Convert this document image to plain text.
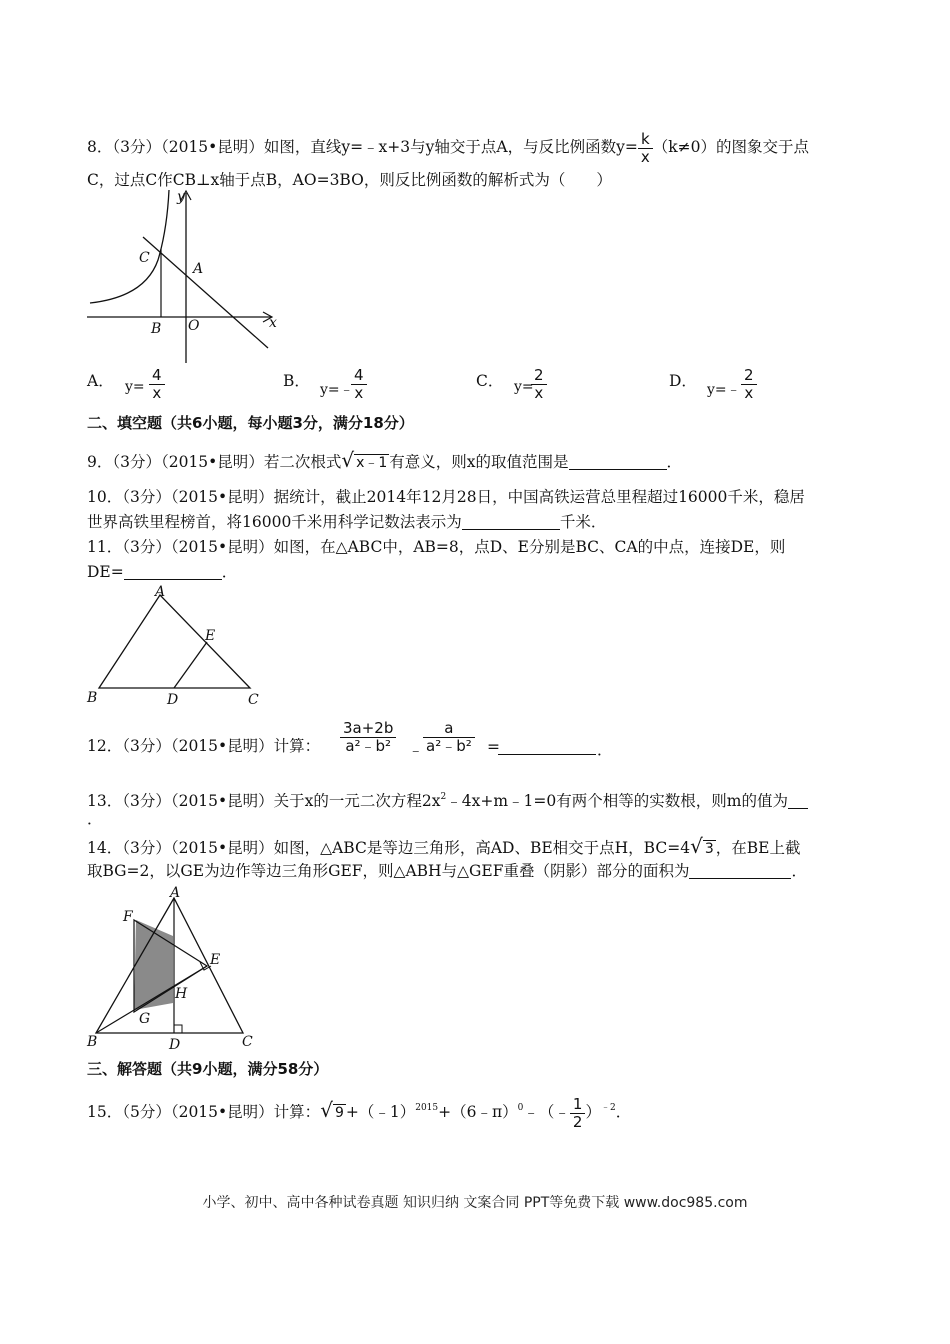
8．（3分）（2015•昆明）如图，直线y=﹣x+3与y轴交于点A，与反比例函数$y= \frac{k}{x} (k\ne 0)$的图象交于点
C，过点C作CB⊥x轴于点B，AO=3BO，则反比例函数的解析式为（　　）
y
x
C
A
B O
A． $y= \frac{4}{x}$	B． y=﹣
$\frac{4}{x}$	C． y=
$\frac{2}{x}$	D． y=﹣ $\frac{2}{x}$
二、填空题（共6小题，每小题3分，满分18分）
9．（3分）（2015•昆明）若二次根式√ x﹣1 有意义，则x的取值范围是	．
10．（3分）（2015•昆明）据统计，截止2014年12月28日，中国高铁运营总里程超过16000千米，稳居
世界高铁里程榜首，将16000千米用科学记数法表示为	千米．
11．（3分）（2015•昆明）如图，在△ABC中，AB=8，点D、E分别是BC、CA的中点，连接DE，则
DE=	．
A
E
B	D	C
12．（3分）（2015•昆明）计算： $\frac{3a+2b}{\text{a²﹣b²}}$ ﹣ $\frac{a}{\text{a²﹣b²}}$ =	．
13．（3分）（2015•昆明）关于x的一元二次方程$2x^2﹣4x+m﹣1=0$有两个相等的实数根，则m的值为
．
14．（3分）（2015•昆明）如图，△ABC是等边三角形，高AD、BE相交于点H，BC=4√ 3 ，在BE上截
取BG=2，以GE为边作等边三角形GEF，则△ABH与△GEF重叠（阴影）部分的面积为	．
A
F
E
H
G
B	D	C
三、解答题（共9小题，满分58分）
15．（5分）（2015•昆明）计算：√ 9 +（﹣1）$^{2015}$+（6﹣π）$^0$﹣（﹣ $\frac{1}{2} )^{﹣2}$．
小学、初中、高中各种试卷真题 知识归纳 文案合同 PPT等免费下载 www.doc985.com
